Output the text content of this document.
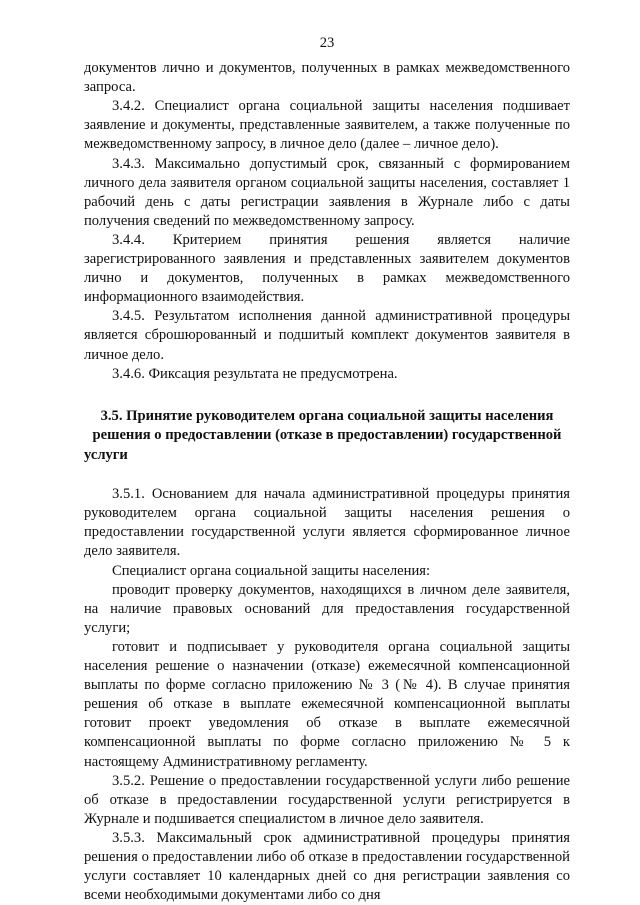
23

документов лично и документов, полученных в рамках межведомственного запроса.

3.4.2. Специалист органа социальной защиты населения подшивает заявление и документы, представленные заявителем, а также полученные по межведомственному запросу, в личное дело (далее – личное дело).

3.4.3. Максимально допустимый срок, связанный с формированием личного дела заявителя органом социальной защиты населения, составляет 1 рабочий день с даты регистрации заявления в Журнале либо с даты получения сведений по межведомственному запросу.

3.4.4. Критерием принятия решения является наличие зарегистрированного заявления и представленных заявителем документов лично и документов, полученных в рамках межведомственного информационного взаимодействия.

3.4.5. Результатом исполнения данной административной процедуры является сброшюрованный и подшитый комплект документов заявителя в личное дело.

3.4.6. Фиксация результата не предусмотрена.

3.5. Принятие руководителем органа социальной защиты населения решения о предоставлении (отказе в предоставлении) государственной услуги

3.5.1. Основанием для начала административной процедуры принятия руководителем органа социальной защиты населения решения о предоставлении государственной услуги является сформированное личное дело заявителя.

Специалист органа социальной защиты населения:

проводит проверку документов, находящихся в личном деле заявителя, на наличие правовых оснований для предоставления государственной услуги;

готовит и подписывает у руководителя органа социальной защиты населения решение о назначении (отказе) ежемесячной компенсационной выплаты по форме согласно приложению № 3 (№ 4). В случае принятия решения об отказе в выплате ежемесячной компенсационной выплаты готовит проект уведомления об отказе в выплате ежемесячной компенсационной выплаты по форме согласно приложению № 5 к настоящему Административному регламенту.

3.5.2. Решение о предоставлении государственной услуги либо решение об отказе в предоставлении государственной услуги регистрируется в Журнале и подшивается специалистом в личное дело заявителя.

3.5.3. Максимальный срок административной процедуры принятия решения о предоставлении либо об отказе в предоставлении государственной услуги составляет 10 календарных дней со дня регистрации заявления со всеми необходимыми документами либо со дня
